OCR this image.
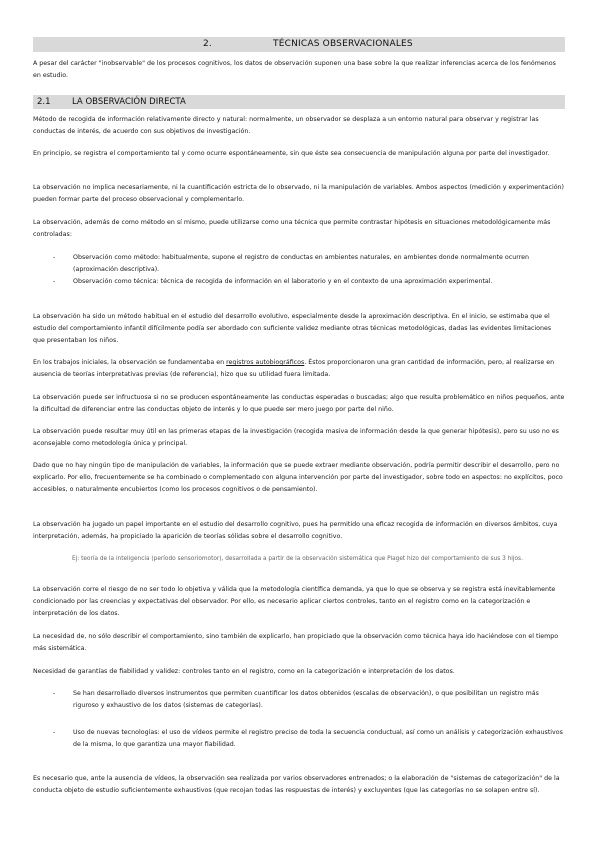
2.	TÉCNICAS OBSERVACIONALES

A pesar del carácter "inobservable" de los procesos cognitivos, los datos de observación suponen una base sobre la que realizar inferencias acerca de los fenómenos en estudio.

2.1	LA OBSERVACIÓN DIRECTA

Método de recogida de información relativamente directo y natural: normalmente, un observador se desplaza a un entorno natural para observar y registrar las conductas de interés, de acuerdo con sus objetivos de investigación.

En principio, se registra el comportamiento tal y como ocurre espontáneamente, sin que éste sea consecuencia de manipulación alguna por parte del investigador.

La observación no implica necesariamente, ni la cuantificación estricta de lo observado, ni la manipulación de variables. Ambos aspectos (medición y experimentación) pueden formar parte del proceso observacional y complementarlo.

La observación, además de como método en sí mismo, puede utilizarse como una técnica que permite contrastar hipótesis en situaciones metodológicamente más controladas:

-	Observación como método: habitualmente, supone el registro de conductas en ambientes naturales, en ambientes donde normalmente ocurren (aproximación descriptiva).
-	Observación como técnica: técnica de recogida de información en el laboratorio y en el contexto de una aproximación experimental.

La observación ha sido un método habitual en el estudio del desarrollo evolutivo, especialmente desde la aproximación descriptiva. En el inicio, se estimaba que el estudio del comportamiento infantil difícilmente podía ser abordado con suficiente validez mediante otras técnicas metodológicas, dadas las evidentes limitaciones que presentaban los niños.

En los trabajos iniciales, la observación se fundamentaba en registros autobiográficos. Éstos proporcionaron una gran cantidad de información, pero, al realizarse en ausencia de teorías interpretativas previas (de referencia), hizo que su utilidad fuera limitada.

La observación puede ser infructuosa si no se producen espontáneamente las conductas esperadas o buscadas; algo que resulta problemático en niños pequeños, ante la dificultad de diferenciar entre las conductas objeto de interés y lo que puede ser mero juego por parte del niño.

La observación puede resultar muy útil en las primeras etapas de la investigación (recogida masiva de información desde la que generar hipótesis), pero su uso no es aconsejable como metodología única y principal.

Dado que no hay ningún tipo de manipulación de variables, la información que se puede extraer mediante observación, podría permitir describir el desarrollo, pero no explicarlo. Por ello, frecuentemente se ha combinado o complementado con alguna intervención por parte del investigador, sobre todo en aspectos: no explícitos, poco accesibles, o naturalmente encubiertos (como los procesos cognitivos o de pensamiento).

La observación ha jugado un papel importante en el estudio del desarrollo cognitivo, pues ha permitido una eficaz recogida de información en diversos ámbitos, cuya interpretación, además, ha propiciado la aparición de teorías sólidas sobre el desarrollo cognitivo.

Ej: teoría de la inteligencia (período sensoriomotor), desarrollada a partir de la observación sistemática que Piaget hizo del comportamiento de sus 3 hijos.

La observación corre el riesgo de no ser todo lo objetiva y válida que la metodología científica demanda, ya que lo que se observa y se registra está inevitablemente condicionado por las creencias y expectativas del observador. Por ello, es necesario aplicar ciertos controles, tanto en el registro como en la categorización e interpretación de los datos.

La necesidad de, no sólo describir el comportamiento, sino también de explicarlo, han propiciado que la observación como técnica haya ido haciéndose con el tiempo más sistemática.

Necesidad de garantías de fiabilidad y validez: controles tanto en el registro, como en la categorización e interpretación de los datos.

-	Se han desarrollado diversos instrumentos que permiten cuantificar los datos obtenidos (escalas de observación), o que posibilitan un registro más riguroso y exhaustivo de los datos (sistemas de categorías).
-	Uso de nuevas tecnologías: el uso de vídeos permite el registro preciso de toda la secuencia conductual, así como un análisis y categorización exhaustivos de la misma, lo que garantiza una mayor fiabilidad.

Es necesario que, ante la ausencia de vídeos, la observación sea realizada por varios observadores entrenados; o la elaboración de "sistemas de categorización" de la conducta objeto de estudio suficientemente exhaustivos (que recojan todas las respuestas de interés) y excluyentes (que las categorías no se solapen entre sí).
